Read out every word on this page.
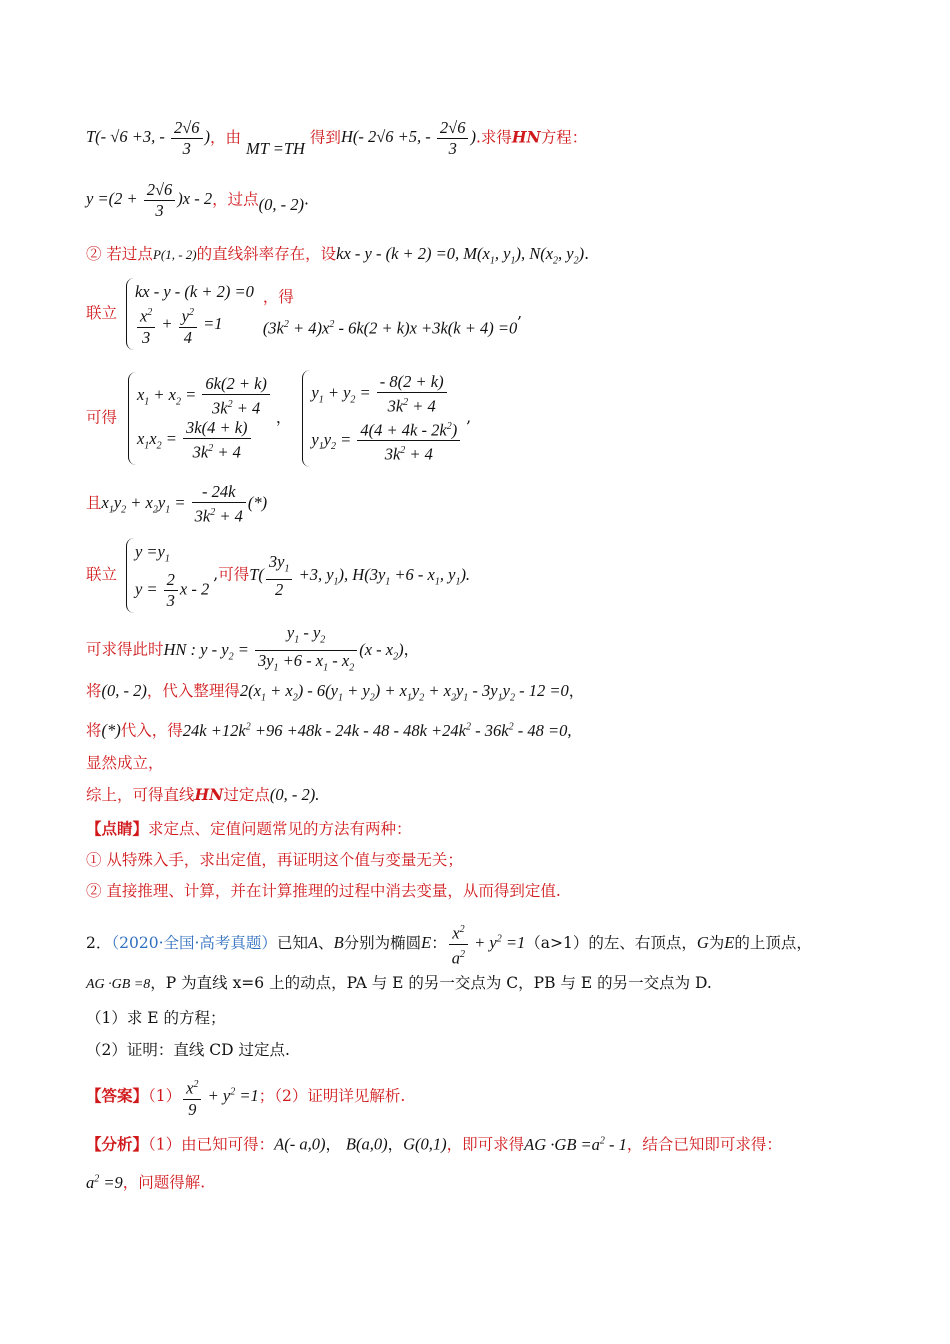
T(- √6 +3, - $\frac{2√6}{3}$ )，由 MT =TH 得到H(- 2√6 +5, - $\frac{2√6}{3}$ ).求得HN方程：
$y =(2 + \frac{2√6}{3} )x - 2$，过点(0, - 2).
② 若过点P(1, - 2)的直线斜率存在，设kx - y - (k + 2) =0, $M(x_1$, $y_1$), $N(x_2$, $y_2$).
联立
kx - y - (k + 2) =0
$\frac{x^2}{3} + \frac{y^2}{4} =1$

，得
$(3k^2 + 4)x^2 - 6k(2 + k)x +3k(k + 4) =0$
,
可得
$x_1 + x_2 = \frac{6k(2 + k)}{3k^2 + 4}$
$x_1x_2 = \frac{3k(4 + k)}{3k^2 + 4}$
，
$y_1 + y_2 = \frac{- 8(2 + k)}{3k^2 + 4}$
$y_1y_2 = \frac{4(4 + 4k - 2k^2)}{3k^2 + 4}$ ,
且$x_1y_2 + x_2y_1 = \frac{- 24k}{3k^2 + 4}$ (*)
联立
$y =y_1$
$y = \frac{2}{3}$ x - 2
,可得$T( \frac{3y_1}{2} +3$, $y_1$), $H(3y_1 +6 - x_1$, $y_1$).
可求得此时HN : $y - y_2 = \frac{y_1 - y_2}{3y_1 +6 - x_1 - x_2} (x - x_2)$，
将(0, - 2)，代入整理得$2(x_1 + x_2) - 6(y_1 + y_2) + x_1y_2 + x_2y_1 - 3y_1y_2 - 12 =0$，
将(*)代入，得$24k +12k^2 +96 +48k - 24k - 48 - 48k +24k^2 - 36k^2 - 48 =0$,
显然成立，
综上，可得直线HN过定点(0, - 2).
【点睛】求定点、定值问题常见的方法有两种：
① 从特殊入手，求出定值，再证明这个值与变量无关；
② 直接推理、计算，并在计算推理的过程中消去变量，从而得到定值.
2．（2020·全国·高考真题）已知A、B分别为椭圆E： $\frac{x^2}{a^2} + y^2 =1(a>1)$的左、右顶点，G为E的上顶点，
AG ·GB =8，P 为直线 x=6 上的动点，PA 与 E 的另一交点为 C，PB 与 E 的另一交点为 D.
（1）求 E 的方程；
（2）证明：直线 CD 过定点.
【答案】$(1) \frac{x^2}{9} + y^2 =1$；（2）证明详见解析.
【分析】（1）由已知可得：A(- a,0)， B(a,0)，G(0,1)，即可求得AG $\cdot GB =a^2 - 1$，结合已知即可求得：
$a^2 =9$，问题得解.
